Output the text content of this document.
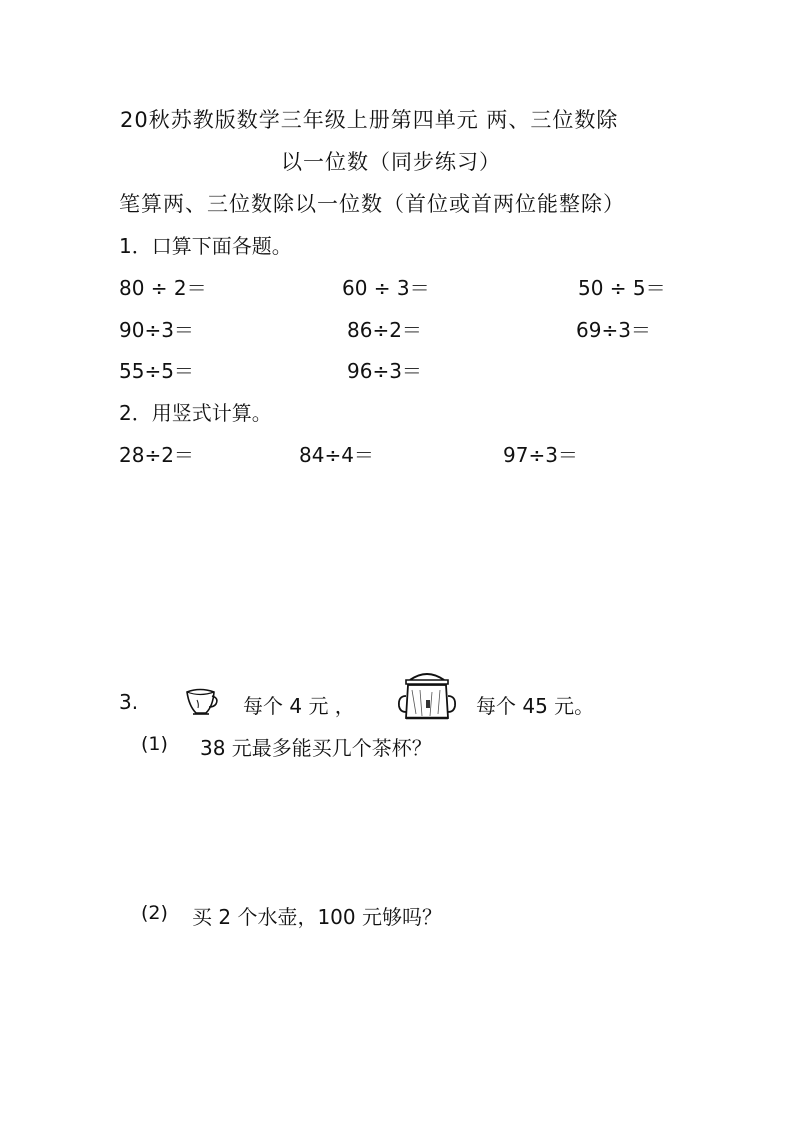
20秋苏教版数学三年级上册第四单元 两、三位数除
以一位数（同步练习）
笔算两、三位数除以一位数（首位或首两位能整除）
1．口算下面各题。
80 ÷ 2＝	60 ÷ 3＝	50 ÷ 5＝
90÷3＝	86÷2＝	69÷3＝
55÷5＝	96÷3＝
2．用竖式计算。
28÷2＝	84÷4＝	97÷3＝
3.	每个 4 元 ，	每个 45 元。
(1) 38 元最多能买几个茶杯？
(2) 买 2 个水壶，100 元够吗？
